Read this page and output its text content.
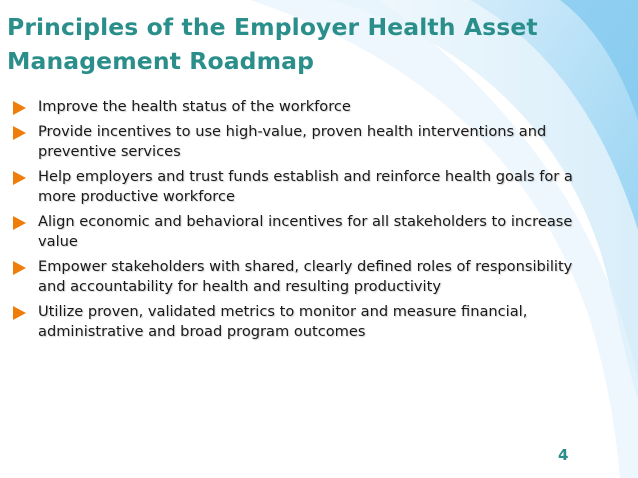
Principles of the Employer Health Asset Management Roadmap
Improve the health status of the workforce
Provide incentives to use high-value, proven health interventions and preventive services
Help employers and trust funds establish and reinforce health goals for a more productive workforce
Align economic and behavioral incentives for all stakeholders to increase value
Empower stakeholders with shared, clearly defined roles of responsibility and accountability for health and resulting productivity
Utilize proven, validated metrics to monitor and measure financial, administrative and broad program outcomes
4
